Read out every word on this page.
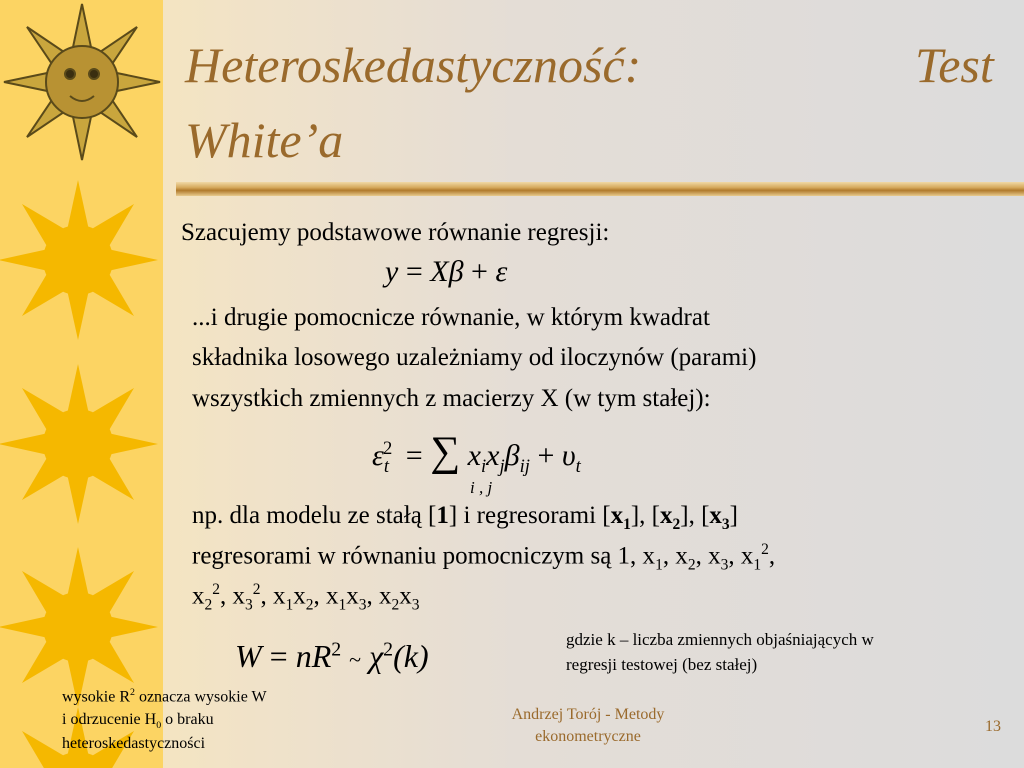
Heteroskedastyczność:	Test
White’a
Szacujemy podstawowe równanie regresji:
y = Xβ + ε
...i drugie pomocnicze równanie, w którym kwadrat
składnika losowego uzależniamy od iloczynów (parami)
wszystkich zmiennych z macierzy X (w tym stałej):
$\varepsilon_t^2$ = ∑ $x_ix_j\beta_{ij} + \upsilon_t$
i , j
np. dla modelu ze stałą [1] i regresorami $[x_1]$, $[x_2]$, $[x_3]$
regresorami w równaniu pomocniczym są 1, $x_1$, $x_2$, $x_3$, $x_1^2$,
$x_2^2$, $x_3^2$, $x_1x_2$, $x_1x_3$, $x_2x_3$
$W = nR^2$ ~ $\chi^2(k)$	gdzie k – liczba zmiennych objaśniających w
regresji testowej (bez stałej)
wysokie $R^2$ oznacza wysokie W
i odrzucenie $H_0$ o braku
heteroskedastyczności
Andrzej Torój - Metody
ekonometryczne
13
